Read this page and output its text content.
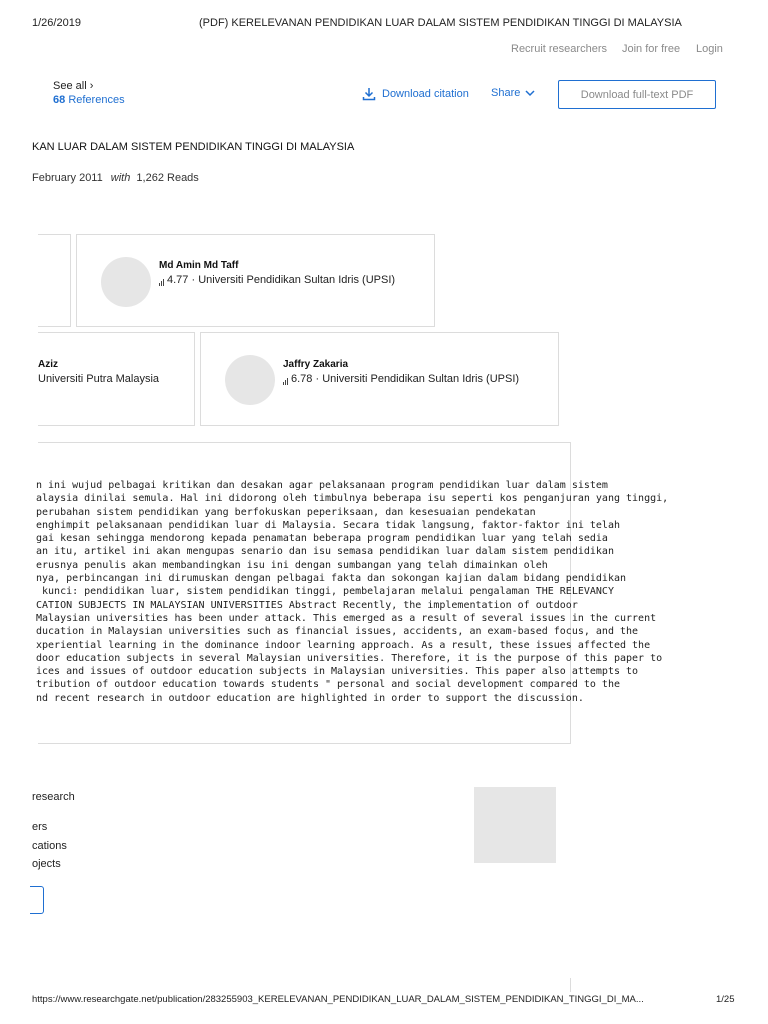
1/26/2019	(PDF) KERELEVANAN PENDIDIKAN LUAR DALAM SISTEM PENDIDIKAN TINGGI DI MALAYSIA
Recruit researchers Join for free Login
See all ›
68 References	Download citation Share	Download full-text PDF
KAN LUAR DALAM SISTEM PENDIDIKAN TINGGI DI MALAYSIA
February 2011 with 1,262 Reads
Md Amin Md Taff
4.77 · Universiti Pendidikan Sultan Idris (UPSI)
Aziz
Universiti Putra Malaysia
Jaffry Zakaria
6.78 · Universiti Pendidikan Sultan Idris (UPSI)
n ini wujud pelbagai kritikan dan desakan agar pelaksanaan program pendidikan luar dalam sistem
alaysia dinilai semula. Hal ini didorong oleh timbulnya beberapa isu seperti kos penganjuran yang tinggi,
perubahan sistem pendidikan yang berfokuskan peperiksaan, dan kesesuaian pendekatan
enghimpit pelaksanaan pendidikan luar di Malaysia. Secara tidak langsung, faktor-faktor ini telah
gai kesan sehingga mendorong kepada penamatan beberapa program pendidikan luar yang telah sedia
an itu, artikel ini akan mengupas senario dan isu semasa pendidikan luar dalam sistem pendidikan
erusnya penulis akan membandingkan isu ini dengan sumbangan yang telah dimainkan oleh
nya, perbincangan ini dirumuskan dengan pelbagai fakta dan sokongan kajian dalam bidang pendidikan
kunci: pendidikan luar, sistem pendidikan tinggi, pembelajaran melalui pengalaman THE RELEVANCY
CATION SUBJECTS IN MALAYSIAN UNIVERSITIES Abstract Recently, the implementation of outdoor
Malaysian universities has been under attack. This emerged as a result of several issues in the current
ducation in Malaysian universities such as financial issues, accidents, an exam-based focus, and the
xperiential learning in the dominance indoor learning approach. As a result, these issues affected the
door education subjects in several Malaysian universities. Therefore, it is the purpose of this paper to
ices and issues of outdoor education subjects in Malaysian universities. This paper also attempts to
tribution of outdoor education towards students " personal and social development compared to the
nd recent research in outdoor education are highlighted in order to support the discussion.
research
ers
cations
ojects
https://www.researchgate.net/publication/283255903_KERELEVANAN_PENDIDIKAN_LUAR_DALAM_SISTEM_PENDIDIKAN_TINGGI_DI_MA...	1/25
